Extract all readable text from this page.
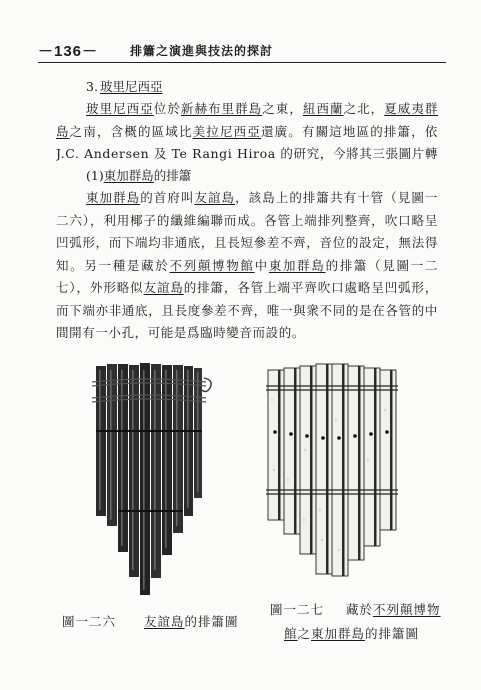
－136－	排簫之演進與技法的探討
3. 玻里尼西亞

玻里尼西亞位於新赫布里群島之東，紐西蘭之北，夏威夷群島之南，含概的區域比美拉尼西亞還廣。有關這地區的排簫，依 J.C. Andersen 及 Te Rangi Hiroa 的研究，今將其三張圖片轉

(1)東加群島的排簫

東加群島的首府叫友誼島，該島上的排簫共有十管（見圖一二六），利用椰子的纖維編聯而成。各管上端排列整齊，吹口略呈凹弧形，而下端均非通底，且長短參差不齊，音位的設定，無法得知。另一種是藏於不列顛博物館中東加群島的排簫（見圖一二七），外形略似友誼島的排簫，各管上端平齊吹口處略呈凹弧形，而下端亦非通底，且長度參差不齊，唯一與衆不同的是在各管的中間開有一小孔，可能是爲臨時變音而設的。

圖一二六 友誼島的排簫圖
圖一二七 藏於不列顛博物
館之東加群島的排簫圖
